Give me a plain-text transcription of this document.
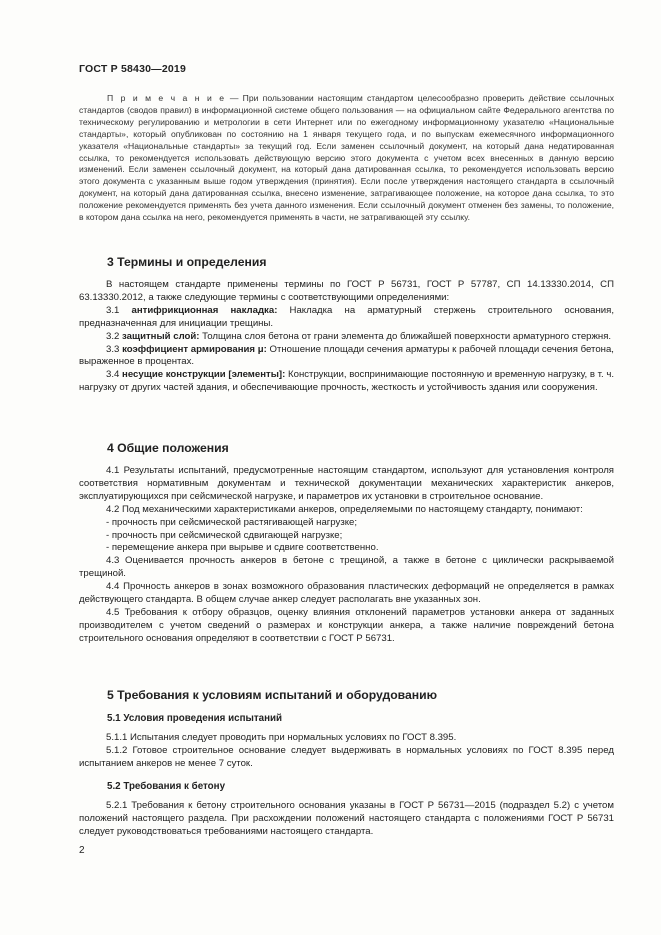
ГОСТ Р 58430—2019

П р и м е ч а н и е — При пользовании настоящим стандартом целесообразно проверить действие ссылочных стандартов (сводов правил) в информационной системе общего пользования — на официальном сайте Федерального агентства по техническому регулированию и метрологии в сети Интернет или по ежегодному информационному указателю «Национальные стандарты», который опубликован по состоянию на 1 января текущего года, и по выпускам ежемесячного информационного указателя «Национальные стандарты» за текущий год. Если заменен ссылочный документ, на который дана недатированная ссылка, то рекомендуется использовать действующую версию этого документа с учетом всех внесенных в данную версию изменений. Если заменен ссылочный документ, на который дана датированная ссылка, то рекомендуется использовать версию этого документа с указанным выше годом утверждения (принятия). Если после утверждения настоящего стандарта в ссылочный документ, на который дана датированная ссылка, внесено изменение, затрагивающее положение, на которое дана ссылка, то это положение рекомендуется применять без учета данного изменения. Если ссылочный документ отменен без замены, то положение, в котором дана ссылка на него, рекомендуется применять в части, не затрагивающей эту ссылку.

3 Термины и определения

В настоящем стандарте применены термины по ГОСТ Р 56731, ГОСТ Р 57787, СП 14.13330.2014, СП 63.13330.2012, а также следующие термины с соответствующими определениями:

3.1 антифрикционная накладка: Накладка на арматурный стержень строительного основания, предназначенная для инициации трещины.

3.2 защитный слой: Толщина слоя бетона от грани элемента до ближайшей поверхности арматурного стержня.

3.3 коэффициент армирования μ: Отношение площади сечения арматуры к рабочей площади сечения бетона, выраженное в процентах.

3.4 несущие конструкции [элементы]: Конструкции, воспринимающие постоянную и временную нагрузку, в т. ч. нагрузку от других частей здания, и обеспечивающие прочность, жесткость и устойчивость здания или сооружения.

4 Общие положения

4.1 Результаты испытаний, предусмотренные настоящим стандартом, используют для установления контроля соответствия нормативным документам и технической документации механических характеристик анкеров, эксплуатирующихся при сейсмической нагрузке, и параметров их установки в строительное основание.

4.2 Под механическими характеристиками анкеров, определяемыми по настоящему стандарту, понимают:

- прочность при сейсмической растягивающей нагрузке;

- прочность при сейсмической сдвигающей нагрузке;

- перемещение анкера при вырыве и сдвиге соответственно.

4.3 Оценивается прочность анкеров в бетоне с трещиной, а также в бетоне с циклически раскрываемой трещиной.

4.4 Прочность анкеров в зонах возможного образования пластических деформаций не определяется в рамках действующего стандарта. В общем случае анкер следует располагать вне указанных зон.

4.5 Требования к отбору образцов, оценку влияния отклонений параметров установки анкера от заданных производителем с учетом сведений о размерах и конструкции анкера, а также наличие повреждений бетона строительного основания определяют в соответствии с ГОСТ Р 56731.

5 Требования к условиям испытаний и оборудованию
5.1 Условия проведения испытаний

5.1.1 Испытания следует проводить при нормальных условиях по ГОСТ 8.395.

5.1.2 Готовое строительное основание следует выдерживать в нормальных условиях по ГОСТ 8.395 перед испытанием анкеров не менее 7 суток.

5.2 Требования к бетону

5.2.1 Требования к бетону строительного основания указаны в ГОСТ Р 56731—2015 (подраздел 5.2) с учетом положений настоящего раздела. При расхождении положений настоящего стандарта с положениями ГОСТ Р 56731 следует руководствоваться требованиями настоящего стандарта.

2
